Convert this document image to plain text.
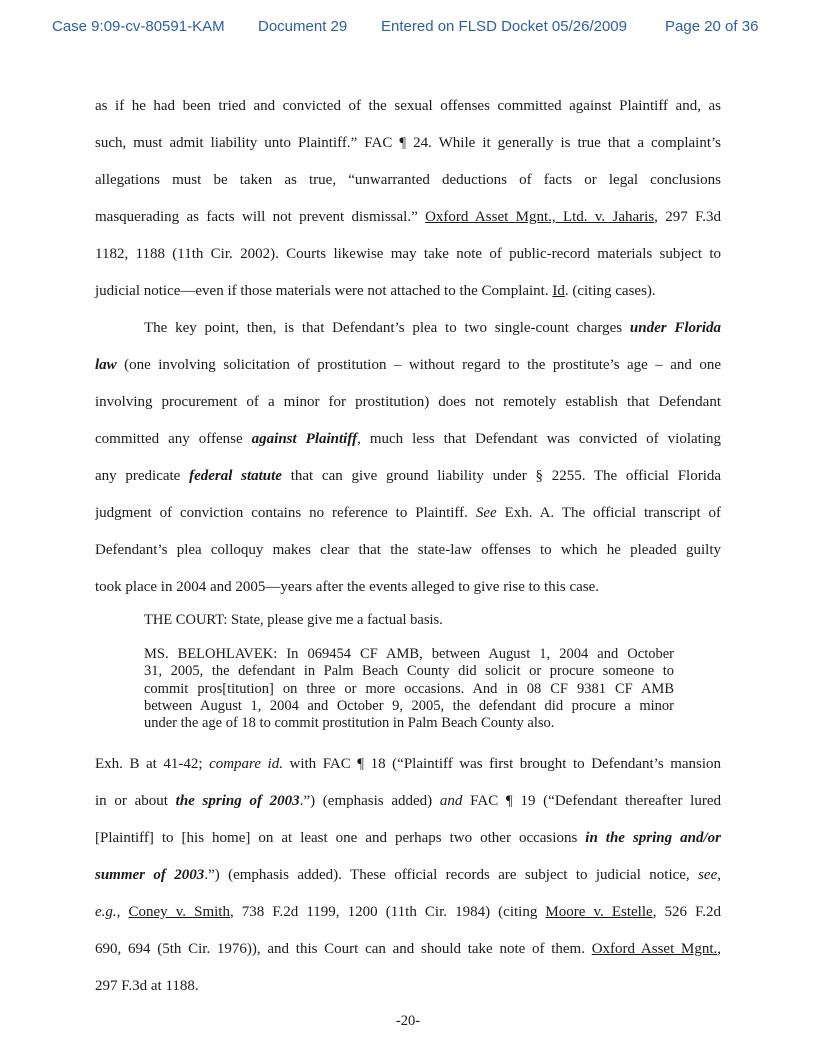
Case 9:09-cv-80591-KAM Document 29 Entered on FLSD Docket 05/26/2009	Page 20 of 36
as if he had been tried and convicted of the sexual offenses committed against Plaintiff and, as
such, must admit liability unto Plaintiff.” FAC ¶ 24. While it generally is true that a complaint’s
allegations must be taken as true, “unwarranted deductions of facts or legal conclusions
masquerading as facts will not prevent dismissal.” Oxford Asset Mgnt., Ltd. v. Jaharis, 297 F.3d
1182, 1188 (11th Cir. 2002). Courts likewise may take note of public-record materials subject to
judicial notice—even if those materials were not attached to the Complaint. Id. (citing cases).
The key point, then, is that Defendant’s plea to two single-count charges under Florida
law (one involving solicitation of prostitution – without regard to the prostitute’s age – and one
involving procurement of a minor for prostitution) does not remotely establish that Defendant
committed any offense against Plaintiff, much less that Defendant was convicted of violating
any predicate federal statute that can give ground liability under § 2255. The official Florida
judgment of conviction contains no reference to Plaintiff. See Exh. A. The official transcript of
Defendant’s plea colloquy makes clear that the state-law offenses to which he pleaded guilty
took place in 2004 and 2005—years after the events alleged to give rise to this case.
THE COURT: State, please give me a factual basis.
MS. BELOHLAVEK: In 069454 CF AMB, between August 1, 2004 and October
31, 2005, the defendant in Palm Beach County did solicit or procure someone to
commit pros[titution] on three or more occasions. And in 08 CF 9381 CF AMB
between August 1, 2004 and October 9, 2005, the defendant did procure a minor
under the age of 18 to commit prostitution in Palm Beach County also.
Exh. B at 41-42; compare id. with FAC ¶ 18 (“Plaintiff was first brought to Defendant’s mansion
in or about the spring of 2003.”) (emphasis added) and FAC ¶ 19 (“Defendant thereafter lured
[Plaintiff] to [his home] on at least one and perhaps two other occasions in the spring and/or
summer of 2003.”) (emphasis added). These official records are subject to judicial notice, see,
e.g., Coney v. Smith, 738 F.2d 1199, 1200 (11th Cir. 1984) (citing Moore v. Estelle, 526 F.2d
690, 694 (5th Cir. 1976)), and this Court can and should take note of them. Oxford Asset Mgnt.,
297 F.3d at 1188.
-20-
